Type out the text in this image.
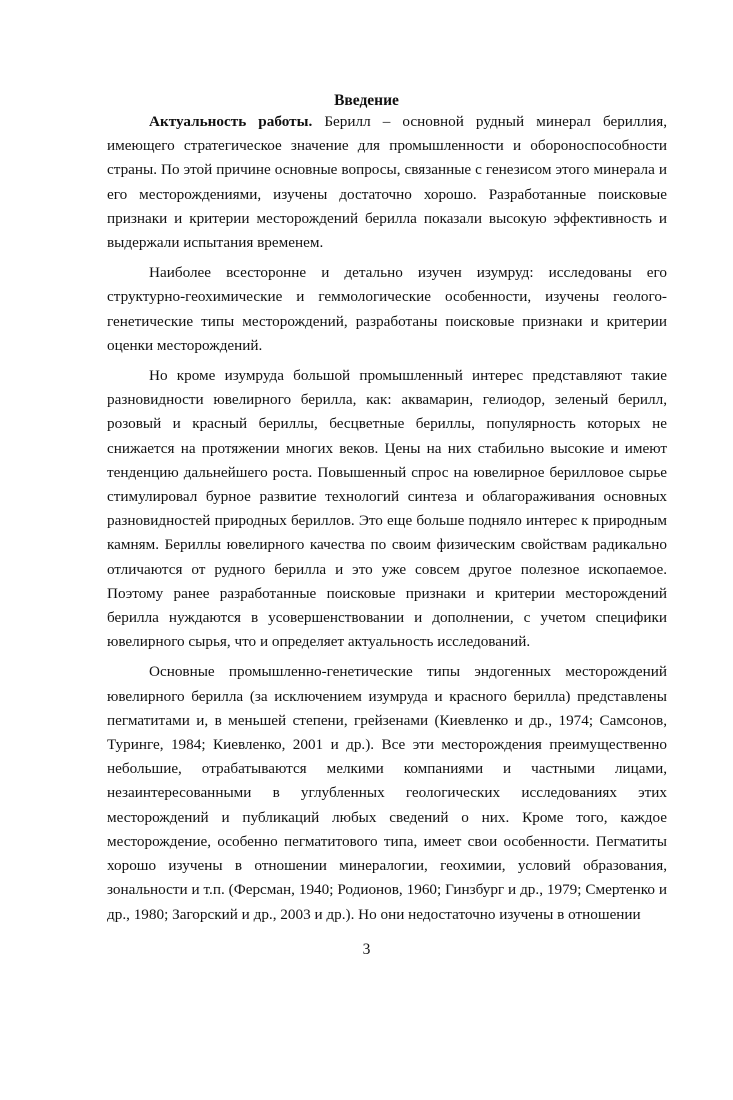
Введение

Актуальность работы. Берилл – основной рудный минерал бериллия, имеющего стратегическое значение для промышленности и обороноспособности страны. По этой причине основные вопросы, связанные с генезисом этого минерала и его месторождениями, изучены достаточно хорошо. Разработанные поисковые признаки и критерии месторождений берилла показали высокую эффективность и выдержали испытания временем.

Наиболее всесторонне и детально изучен изумруд: исследованы его структурно-геохимические и геммологические особенности, изучены геолого-генетические типы месторождений, разработаны поисковые признаки и критерии оценки месторождений.

Но кроме изумруда бо​льшой промышленный интерес представляют такие разновидности ювелирного берилла, как: аквамарин, гелиодор, зеленый берилл, розовый и красный бериллы, бесцветные бериллы, популярность которых не снижается на протяжении многих веков. Цены на них стабильно высокие и имеют тенденцию дальнейшего роста. Повышенный спрос на ювелирное берилловое сырье стимулировал бурное развитие технологий синтеза и облагораживания основных разновидностей природных бериллов. Это еще больше подняло интерес к природным камням. Бериллы ювелирного качества по своим физическим свойствам радикально отличаются от рудного берилла и это уже совсем другое полезное ископаемое. Поэтому ранее разработанные поисковые признаки и критерии месторождений берилла нуждаются в усовершенствовании и дополнении, с учетом специфики ювелирного сырья, что и определяет актуальность исследований.

Основные промышленно-генетические типы эндогенных месторождений ювелирного берилла (за исключением изумруда и красного берилла) представлены пегматитами и, в меньшей степени, грейзенами (Киевленко и др., 1974; Самсонов, Туринге, 1984; Киевленко, 2001 и др.). Все эти месторождения преимущественно небольшие, отрабатываются мелкими компаниями и частными лицами, незаинтересованными в углубленных геологических исследованиях этих месторождений и публикаций любых сведений о них. Кроме того, каждое месторождение, особенно пегматитового типа, имеет свои особенности. Пегматиты хорошо изучены в отношении минералогии, геохимии, условий образования, зональности и т.п. (Ферсман, 1940; Родионов, 1960; Гинзбург и др., 1979; Смертенко и др., 1980; Загорский и др., 2003 и др.). Но они недостаточно изучены в отношении

3
